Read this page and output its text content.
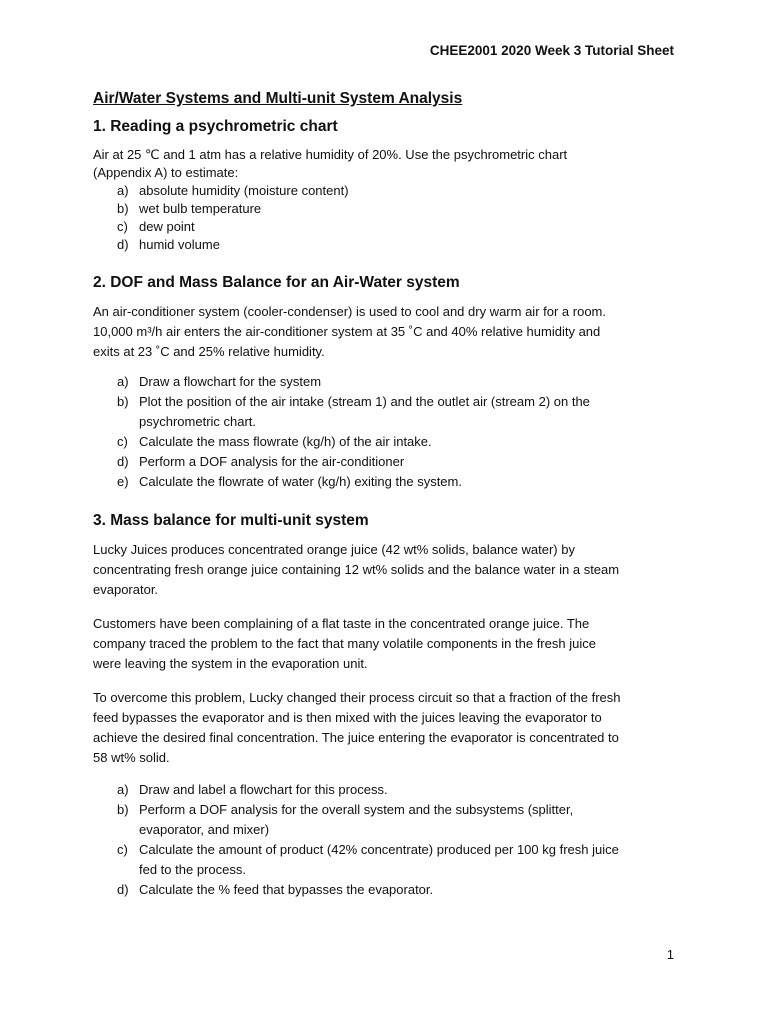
CHEE2001 2020 Week 3 Tutorial Sheet
Air/Water Systems and Multi-unit System Analysis
1. Reading a psychrometric chart

Air at 25 ℃ and 1 atm has a relative humidity of 20%. Use the psychrometric chart

(Appendix A) to estimate:

a) absolute humidity (moisture content)
b) wet bulb temperature
c) dew point
d) humid volume
2. DOF and Mass Balance for an Air-Water system

An air-conditioner system (cooler-condenser) is used to cool and dry warm air for a room.

10,000 m³/h air enters the air-conditioner system at 35 ˚C and 40% relative humidity and

exits at 23 ˚C and 25% relative humidity.

a) Draw a flowchart for the system
b) Plot the position of the air intake (stream 1) and the outlet air (stream 2) on the
psychrometric chart.
c) Calculate the mass flowrate (kg/h) of the air intake.
d) Perform a DOF analysis for the air-conditioner
e) Calculate the flowrate of water (kg/h) exiting the system.
3. Mass balance for multi-unit system

Lucky Juices produces concentrated orange juice (42 wt% solids, balance water) by

concentrating fresh orange juice containing 12 wt% solids and the balance water in a steam

evaporator.

Customers have been complaining of a flat taste in the concentrated orange juice. The

company traced the problem to the fact that many volatile components in the fresh juice

were leaving the system in the evaporation unit.

To overcome this problem, Lucky changed their process circuit so that a fraction of the fresh

feed bypasses the evaporator and is then mixed with the juices leaving the evaporator to

achieve the desired final concentration. The juice entering the evaporator is concentrated to

58 wt% solid.

a) Draw and label a flowchart for this process.
b) Perform a DOF analysis for the overall system and the subsystems (splitter,
evaporator, and mixer)
c) Calculate the amount of product (42% concentrate) produced per 100 kg fresh juice
fed to the process.
d) Calculate the % feed that bypasses the evaporator.
1
